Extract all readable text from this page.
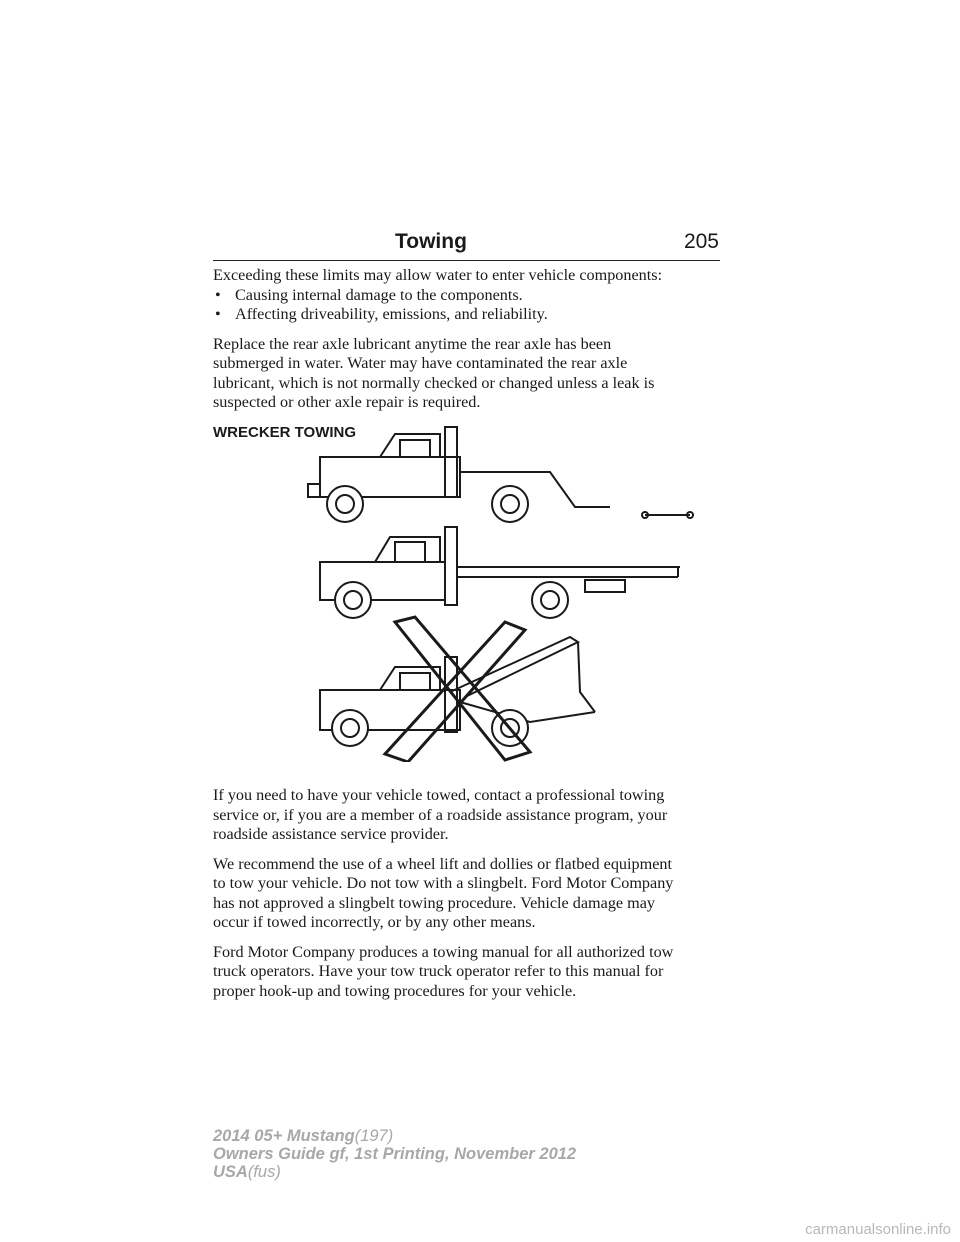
Towing	205

Exceeding these limits may allow water to enter vehicle components:

• Causing internal damage to the components.
• Affecting driveability, emissions, and reliability.

Replace the rear axle lubricant anytime the rear axle has been
submerged in water. Water may have contaminated the rear axle
lubricant, which is not normally checked or changed unless a leak is
suspected or other axle repair is required.

WRECKER TOWING

If you need to have your vehicle towed, contact a professional towing
service or, if you are a member of a roadside assistance program, your
roadside assistance service provider.

We recommend the use of a wheel lift and dollies or flatbed equipment
to tow your vehicle. Do not tow with a slingbelt. Ford Motor Company
has not approved a slingbelt towing procedure. Vehicle damage may
occur if towed incorrectly, or by any other means.

Ford Motor Company produces a towing manual for all authorized tow
truck operators. Have your tow truck operator refer to this manual for
proper hook-up and towing procedures for your vehicle.

2014 05+ Mustang(197)
Owners Guide gf, 1st Printing, November 2012
USA(fus)
carmanualsonline.info
